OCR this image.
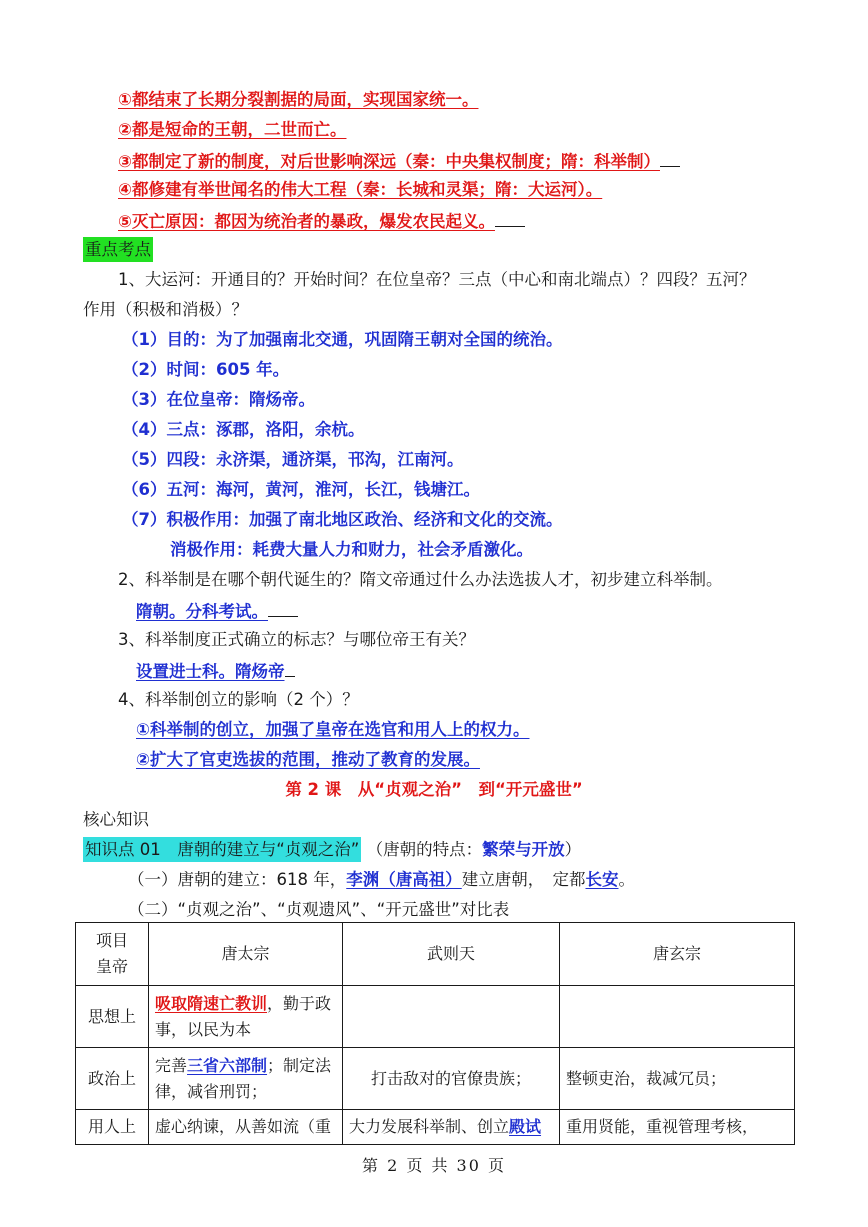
①都结束了长期分裂割据的局面，实现国家统一。
②都是短命的王朝，二世而亡。
③都制定了新的制度，对后世影响深远（秦：中央集权制度；隋：科举制）
④都修建有举世闻名的伟大工程（秦：长城和灵渠；隋：大运河）。
⑤灭亡原因：都因为统治者的暴政，爆发农民起义。
重点考点
1、大运河：开通目的？开始时间？在位皇帝？三点（中心和南北端点）？四段？五河？
作用（积极和消极）？
（1）目的：为了加强南北交通，巩固隋王朝对全国的统治。
（2）时间：605 年。
（3）在位皇帝：隋炀帝。
（4）三点：涿郡，洛阳，余杭。
（5）四段：永济渠，通济渠，邗沟，江南河。
（6）五河：海河，黄河，淮河，长江，钱塘江。
（7）积极作用：加强了南北地区政治、经济和文化的交流。
消极作用：耗费大量人力和财力，社会矛盾激化。
2、科举制是在哪个朝代诞生的？隋文帝通过什么办法选拔人才，初步建立科举制。
隋朝。分科考试。
3、科举制度正式确立的标志？与哪位帝王有关？
设置进士科。隋炀帝
4、科举制创立的影响（2 个）？
①科举制的创立，加强了皇帝在选官和用人上的权力。
②扩大了官吏选拔的范围，推动了教育的发展。
第 2 课　从“贞观之治”　到“开元盛世”
核心知识
知识点 01　唐朝的建立与“贞观之治” （唐朝的特点：繁荣与开放）
（一）唐朝的建立：618 年，李渊（唐高祖）建立唐朝，　定都长安。
（二）“贞观之治”、“贞观遗风”、“开元盛世”对比表
项目
皇帝	唐太宗	武则天	唐玄宗
思想上	吸取隋速亡教训，勤于政事，以民为本		
政治上	完善三省六部制；制定法律，减省刑罚；	打击敌对的官僚贵族；	整顿吏治，裁减冗员；
用人上	虚心纳谏，从善如流（重	大力发展科举制、创立殿试	重用贤能，重视管理考核，
第 2 页 共 30 页
